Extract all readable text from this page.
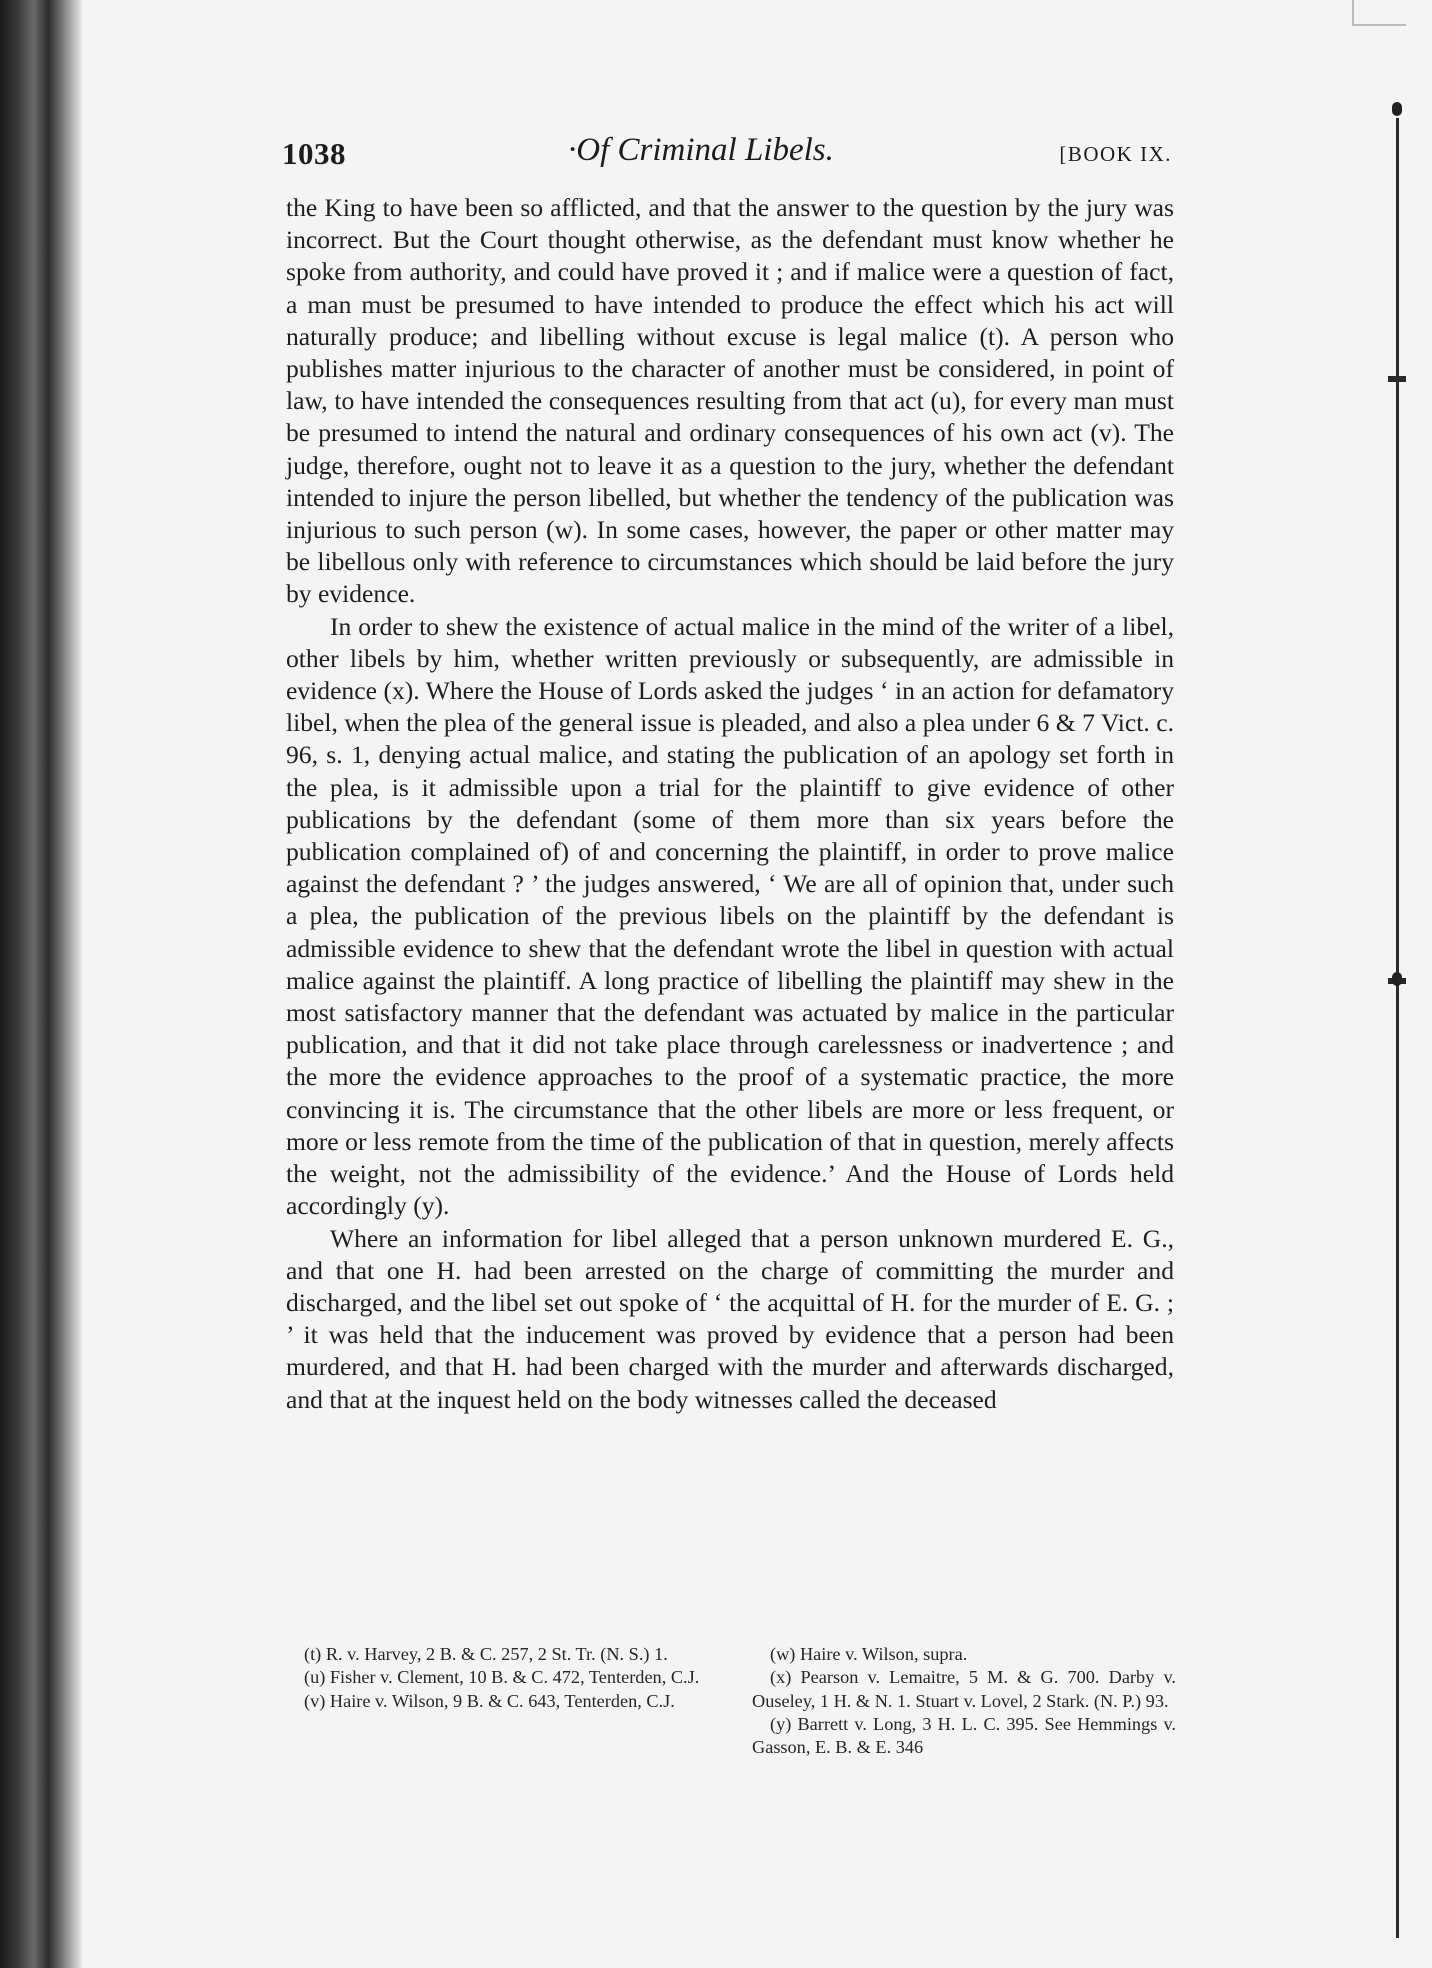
1038	·Of Criminal Libels.	[BOOK IX.

the King to have been so afflicted, and that the answer to the question by the jury was incorrect. But the Court thought otherwise, as the defendant must know whether he spoke from authority, and could have proved it ; and if malice were a question of fact, a man must be presumed to have intended to produce the effect which his act will naturally produce; and libelling without excuse is legal malice (t). A person who publishes matter injurious to the character of another must be considered, in point of law, to have intended the consequences resulting from that act (u), for every man must be presumed to intend the natural and ordinary consequences of his own act (v). The judge, therefore, ought not to leave it as a question to the jury, whether the defendant intended to injure the person libelled, but whether the tendency of the publication was injurious to such person (w). In some cases, however, the paper or other matter may be libellous only with reference to circumstances which should be laid before the jury by evidence.

In order to shew the existence of actual malice in the mind of the writer of a libel, other libels by him, whether written previously or subsequently, are admissible in evidence (x). Where the House of Lords asked the judges ‘ in an action for defamatory libel, when the plea of the general issue is pleaded, and also a plea under 6 & 7 Vict. c. 96, s. 1, denying actual malice, and stating the publication of an apology set forth in the plea, is it admissible upon a trial for the plaintiff to give evidence of other publications by the defendant (some of them more than six years before the publication complained of) of and concerning the plaintiff, in order to prove malice against the defendant ? ’ the judges answered, ‘ We are all of opinion that, under such a plea, the publication of the previous libels on the plaintiff by the defendant is admissible evidence to shew that the defendant wrote the libel in question with actual malice against the plaintiff. A long practice of libelling the plaintiff may shew in the most satisfactory manner that the defendant was actuated by malice in the particular publication, and that it did not take place through carelessness or inadvertence ; and the more the evidence approaches to the proof of a systematic practice, the more convincing it is. The circumstance that the other libels are more or less frequent, or more or less remote from the time of the publication of that in question, merely affects the weight, not the admissibility of the evidence.’ And the House of Lords held accordingly (y).

Where an information for libel alleged that a person unknown murdered E. G., and that one H. had been arrested on the charge of committing the murder and discharged, and the libel set out spoke of ‘ the acquittal of H. for the murder of E. G. ; ’ it was held that the inducement was proved by evidence that a person had been murdered, and that H. had been charged with the murder and afterwards discharged, and that at the inquest held on the body witnesses called the deceased

(t) R. v. Harvey, 2 B. & C. 257, 2 St. Tr. (N. S.) 1.

(u) Fisher v. Clement, 10 B. & C. 472, Tenterden, C.J.

(v) Haire v. Wilson, 9 B. & C. 643, Tenterden, C.J.

(w) Haire v. Wilson, supra.

(x) Pearson v. Lemaitre, 5 M. & G. 700. Darby v. Ouseley, 1 H. & N. 1. Stuart v. Lovel, 2 Stark. (N. P.) 93.

(y) Barrett v. Long, 3 H. L. C. 395. See Hemmings v. Gasson, E. B. & E. 346
